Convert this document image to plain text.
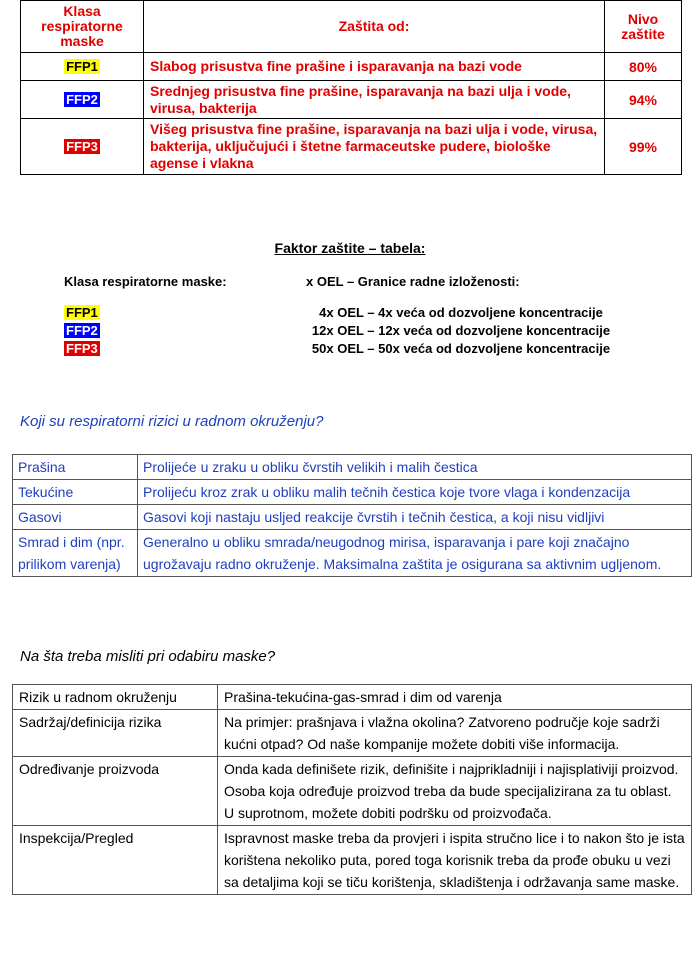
Klasa respiratorne maske	Zaštita od:	Nivo zaštite
FFP1	Slabog prisustva fine prašine i isparavanja na bazi vode	80%
FFP2	Srednjeg prisustva fine prašine, isparavanja na bazi ulja i vode, virusa, bakterija	94%
FFP3	Višeg prisustva fine prašine, isparavanja na bazi ulja i vode, virusa, bakterija, uključujući i štetne farmaceutske pudere, biološke agense i vlakna	99%
Faktor zaštite – tabela:
Klasa respiratorne maske:	x OEL – Granice radne izloženosti:
FFP1	4x OEL – 4x veća od dozvoljene koncentracije
FFP2	12x OEL – 12x veća od dozvoljene koncentracije
FFP3	50x OEL – 50x veća od dozvoljene koncentracije
Koji su respiratorni rizici u radnom okruženju?
Prašina	Prolijeće u zraku u obliku čvrstih velikih i malih čestica
Tekućine	Prolijeću kroz zrak u obliku malih tečnih čestica koje tvore vlaga i kondenzacija
Gasovi	Gasovi koji nastaju usljed reakcije čvrstih i tečnih čestica, a koji nisu vidljivi
Smrad i dim (npr. prilikom varenja)	Generalno u obliku smrada/neugodnog mirisa, isparavanja i pare koji značajno ugrožavaju radno okruženje. Maksimalna zaštita je osigurana sa aktivnim ugljenom.
Na šta treba misliti pri odabiru maske?
Rizik u radnom okruženju	Prašina-tekućina-gas-smrad i dim od varenja
Sadržaj/definicija rizika	Na primjer: prašnjava i vlažna okolina? Zatvoreno područje koje sadrži kućni otpad? Od naše kompanije možete dobiti više informacija.
Određivanje proizvoda	Onda kada definišete rizik, definišite i najprikladniji i najisplativiji proizvod. Osoba koja određuje proizvod treba da bude specijalizirana za tu oblast. U suprotnom, možete dobiti podršku od proizvođača.
Inspekcija/Pregled	Ispravnost maske treba da provjeri i ispita stručno lice i to nakon što je ista korištena nekoliko puta, pored toga korisnik treba da prođe obuku u vezi sa detaljima koji se tiču korištenja, skladištenja i održavanja same maske.
